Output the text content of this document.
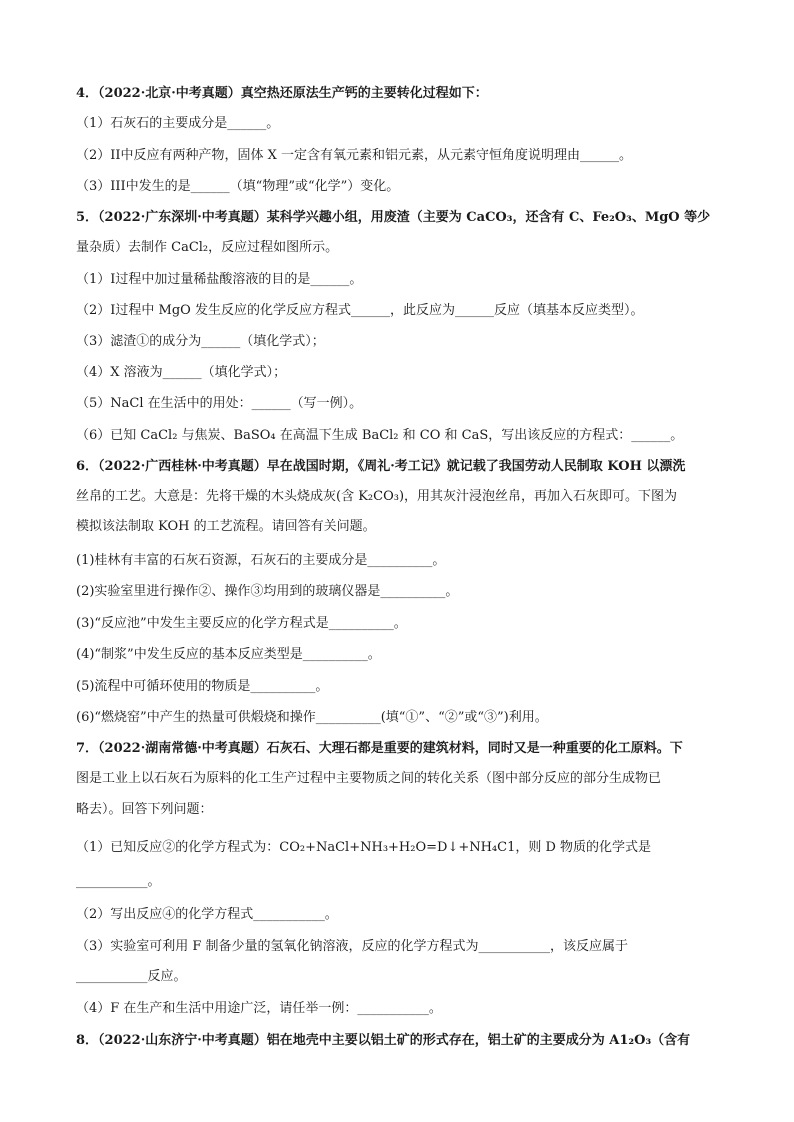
4．（2022·北京·中考真题）真空热还原法生产钙的主要转化过程如下：
（1）石灰石的主要成分是______。
（2）II中反应有两种产物，固体 X 一定含有氧元素和铝元素，从元素守恒角度说明理由______。
（3）III中发生的是______（填“物理”或“化学”）变化。
5．（2022·广东深圳·中考真题）某科学兴趣小组，用废渣（主要为 CaCO₃，还含有 C、Fe₂O₃、MgO 等少
量杂质）去制作 CaCl₂，反应过程如图所示。
（1）I过程中加过量稀盐酸溶液的目的是______。
（2）I过程中 MgO 发生反应的化学反应方程式______，此反应为______反应（填基本反应类型）。
（3）滤渣①的成分为______（填化学式）；
（4）X 溶液为______（填化学式）；
（5）NaCl 在生活中的用处：______（写一例）。
（6）已知 CaCl₂ 与焦炭、BaSO₄ 在高温下生成 BaCl₂ 和 CO 和 CaS，写出该反应的方程式：______。
6．（2022·广西桂林·中考真题）早在战国时期，《周礼·考工记》就记载了我国劳动人民制取 KOH 以漂洗
丝帛的工艺。大意是：先将干燥的木头烧成灰(含 K₂CO₃)，用其灰汁浸泡丝帛，再加入石灰即可。下图为
模拟该法制取 KOH 的工艺流程。请回答有关问题。
(1)桂林有丰富的石灰石资源，石灰石的主要成分是__________。
(2)实验室里进行操作②、操作③均用到的玻璃仪器是__________。
(3)“反应池”中发生主要反应的化学方程式是__________。
(4)“制浆”中发生反应的基本反应类型是__________。
(5)流程中可循环使用的物质是__________。
(6)“燃烧窑”中产生的热量可供煅烧和操作__________(填“①”、“②”或“③”)利用。
7．（2022·湖南常德·中考真题）石灰石、大理石都是重要的建筑材料，同时又是一种重要的化工原料。下
图是工业上以石灰石为原料的化工生产过程中主要物质之间的转化关系（图中部分反应的部分生成物已
略去）。回答下列问题：
（1）已知反应②的化学方程式为：CO₂+NaCl+NH₃+H₂O=D↓+NH₄C1，则 D 物质的化学式是
___________。
（2）写出反应④的化学方程式___________。
（3）实验室可利用 F 制备少量的氢氧化钠溶液，反应的化学方程式为___________，该反应属于
___________反应。
（4）F 在生产和生活中用途广泛，请任举一例：___________。
8．（2022·山东济宁·中考真题）铝在地壳中主要以铝土矿的形式存在，铝土矿的主要成分为 A1₂O₃（含有
